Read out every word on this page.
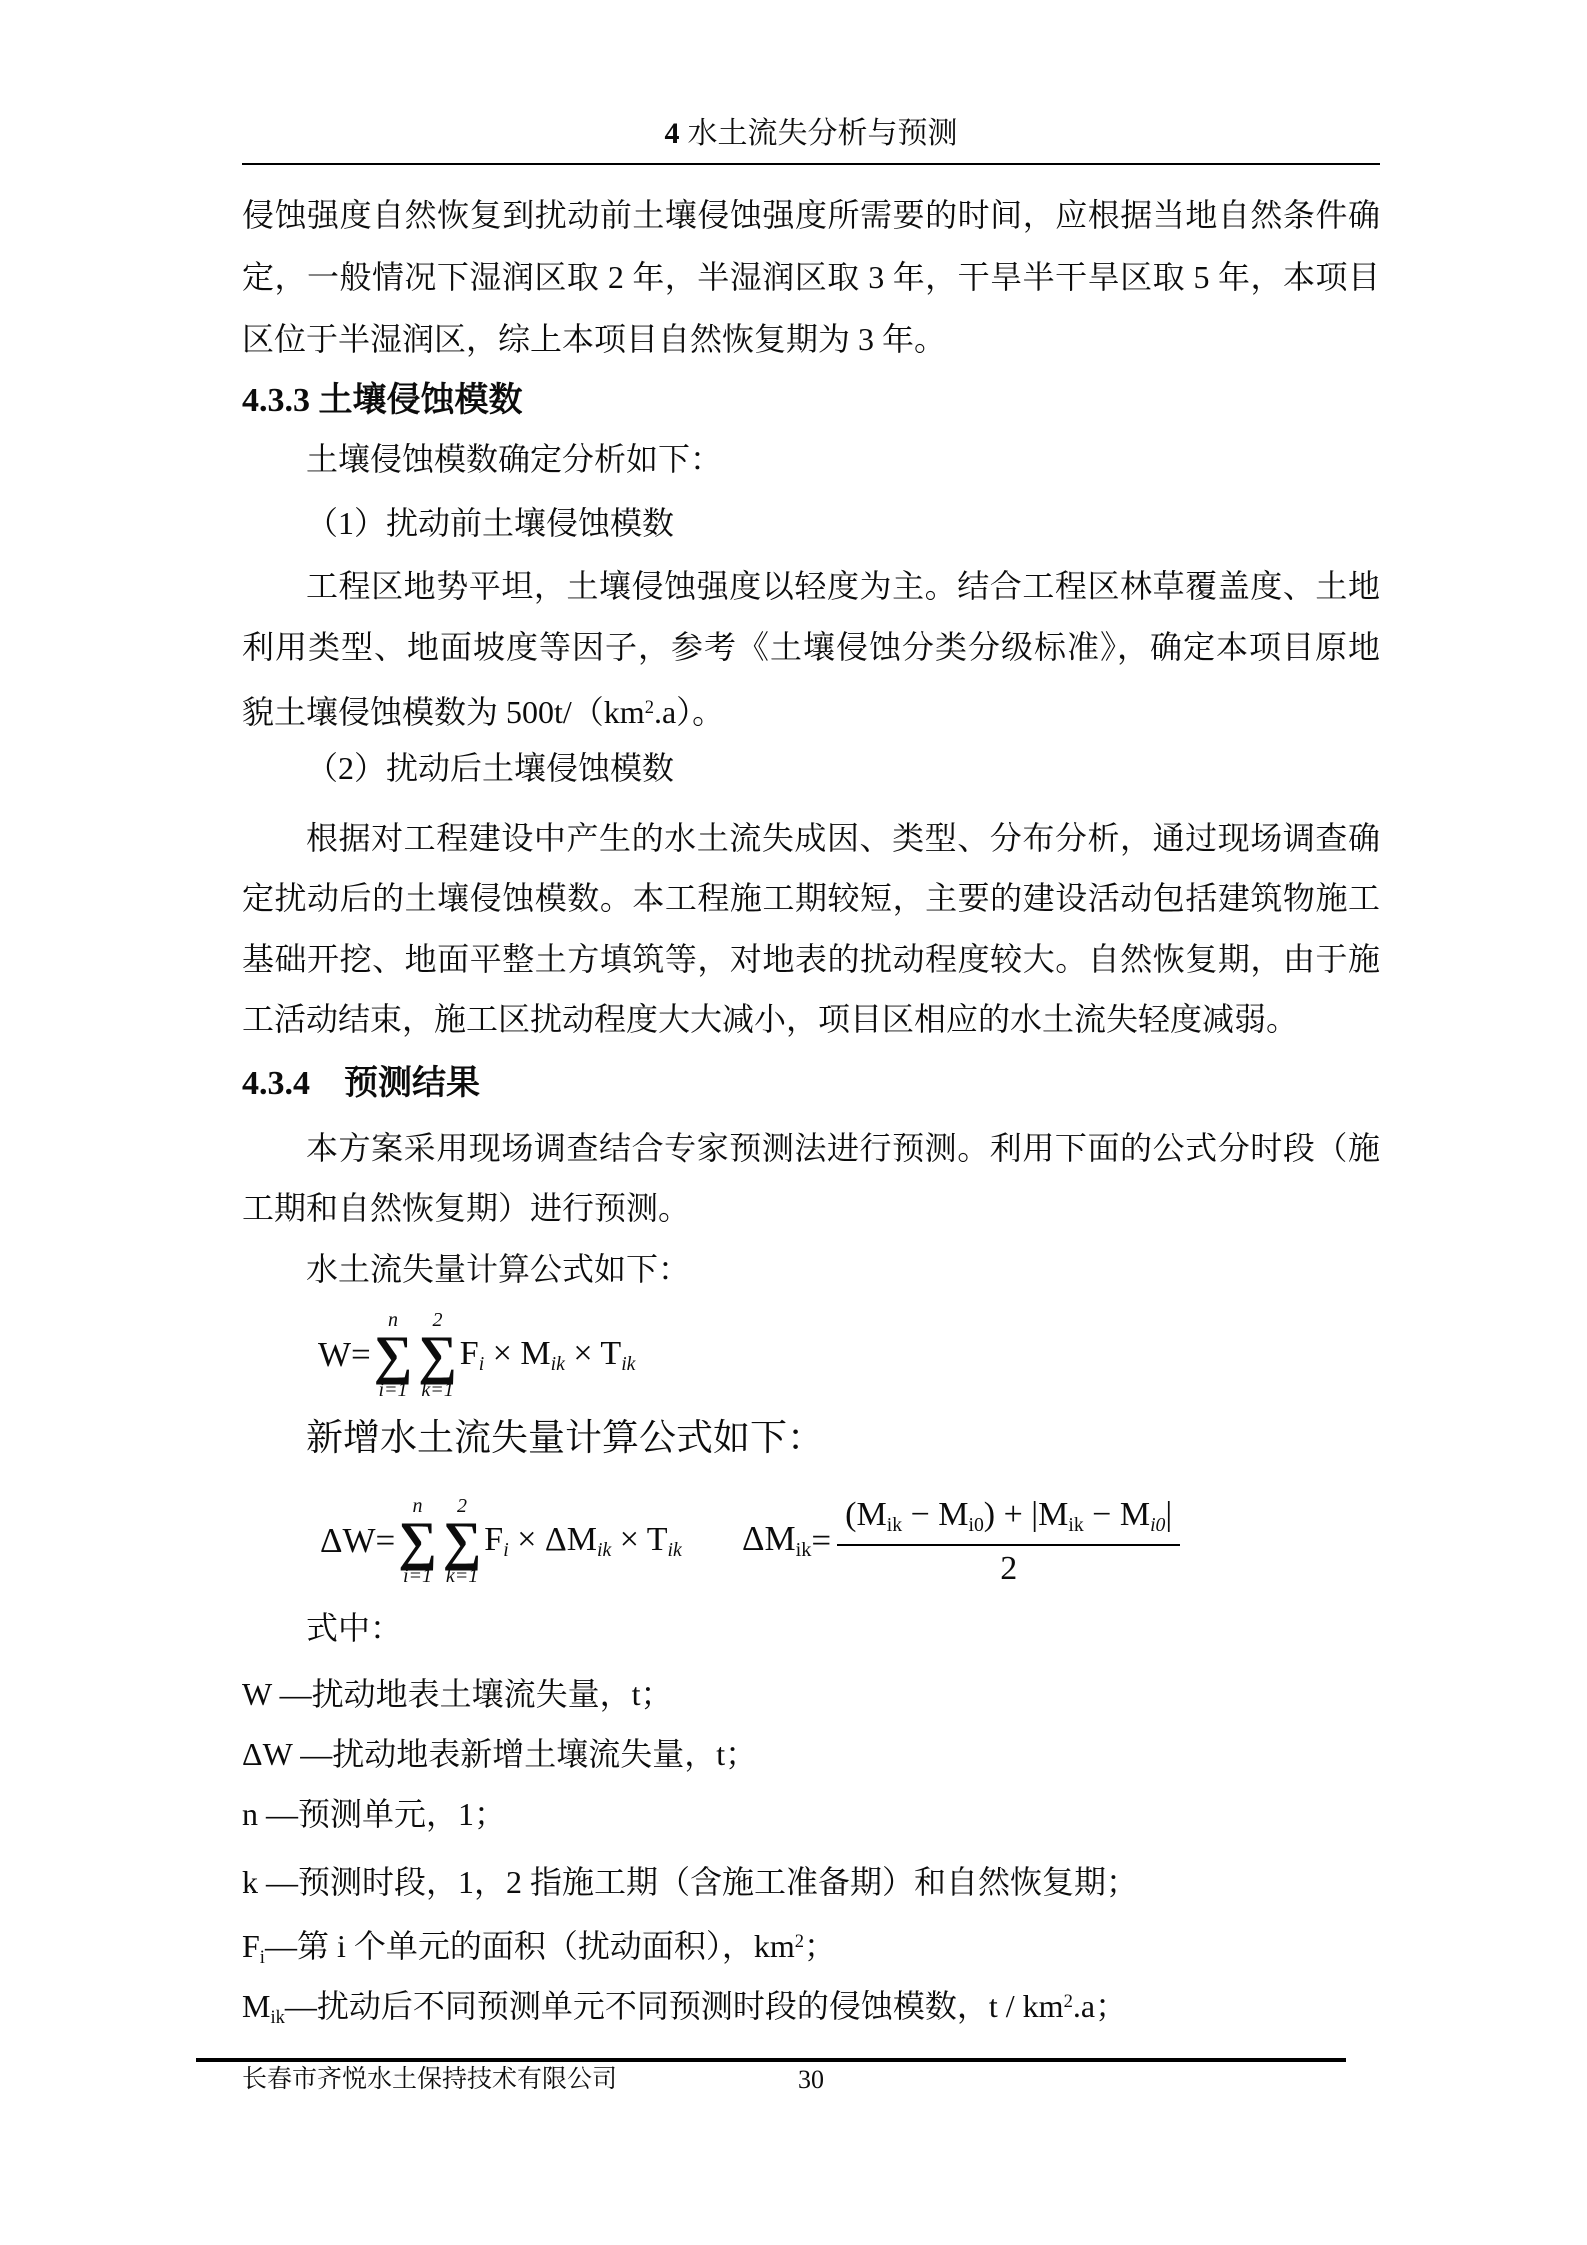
4 水土流失分析与预测
侵蚀强度自然恢复到扰动前土壤侵蚀强度所需要的时间，应根据当地自然条件确
定，一般情况下湿润区取 2 年，半湿润区取 3 年，干旱半干旱区取 5 年，本项目
区位于半湿润区，综上本项目自然恢复期为 3 年。
4.3.3 土壤侵蚀模数
土壤侵蚀模数确定分析如下：
（1）扰动前土壤侵蚀模数
工程区地势平坦，土壤侵蚀强度以轻度为主。结合工程区林草覆盖度、土地
利用类型、地面坡度等因子，参考《土壤侵蚀分类分级标准》，确定本项目原地
貌土壤侵蚀模数为 $500t/(km^2.a)$。
（2）扰动后土壤侵蚀模数
根据对工程建设中产生的水土流失成因、类型、分布分析，通过现场调查确
定扰动后的土壤侵蚀模数。本工程施工期较短，主要的建设活动包括建筑物施工
基础开挖、地面平整土方填筑等，对地表的扰动程度较大。自然恢复期，由于施
工活动结束，施工区扰动程度大大减小，项目区相应的水土流失轻度减弱。
4.3.4　预测结果
本方案采用现场调查结合专家预测法进行预测。利用下面的公式分时段（施
工期和自然恢复期）进行预测。
水土流失量计算公式如下：
W=
n
∑
i=1
2
∑
k=1
Fi × Mik × Tik
新增水土流失量计算公式如下：
ΔW=
n
∑
i=1
2
∑
k=1
Fi × ΔMik × Tik $\Delta Mik = \frac{\text{(Mik − Mi0) + |Mik − Mi0|}}{2}$
式中：
W —扰动地表土壤流失量，t；
ΔW —扰动地表新增土壤流失量，t；
n —预测单元，1；
k —预测时段，1，2 指施工期（含施工准备期）和自然恢复期；
Fi—第 i 个单元的面积（扰动面积），$km^2$；
Mik—扰动后不同预测单元不同预测时段的侵蚀模数，t / $km^2.a$；
长春市齐悦水土保持技术有限公司	30
